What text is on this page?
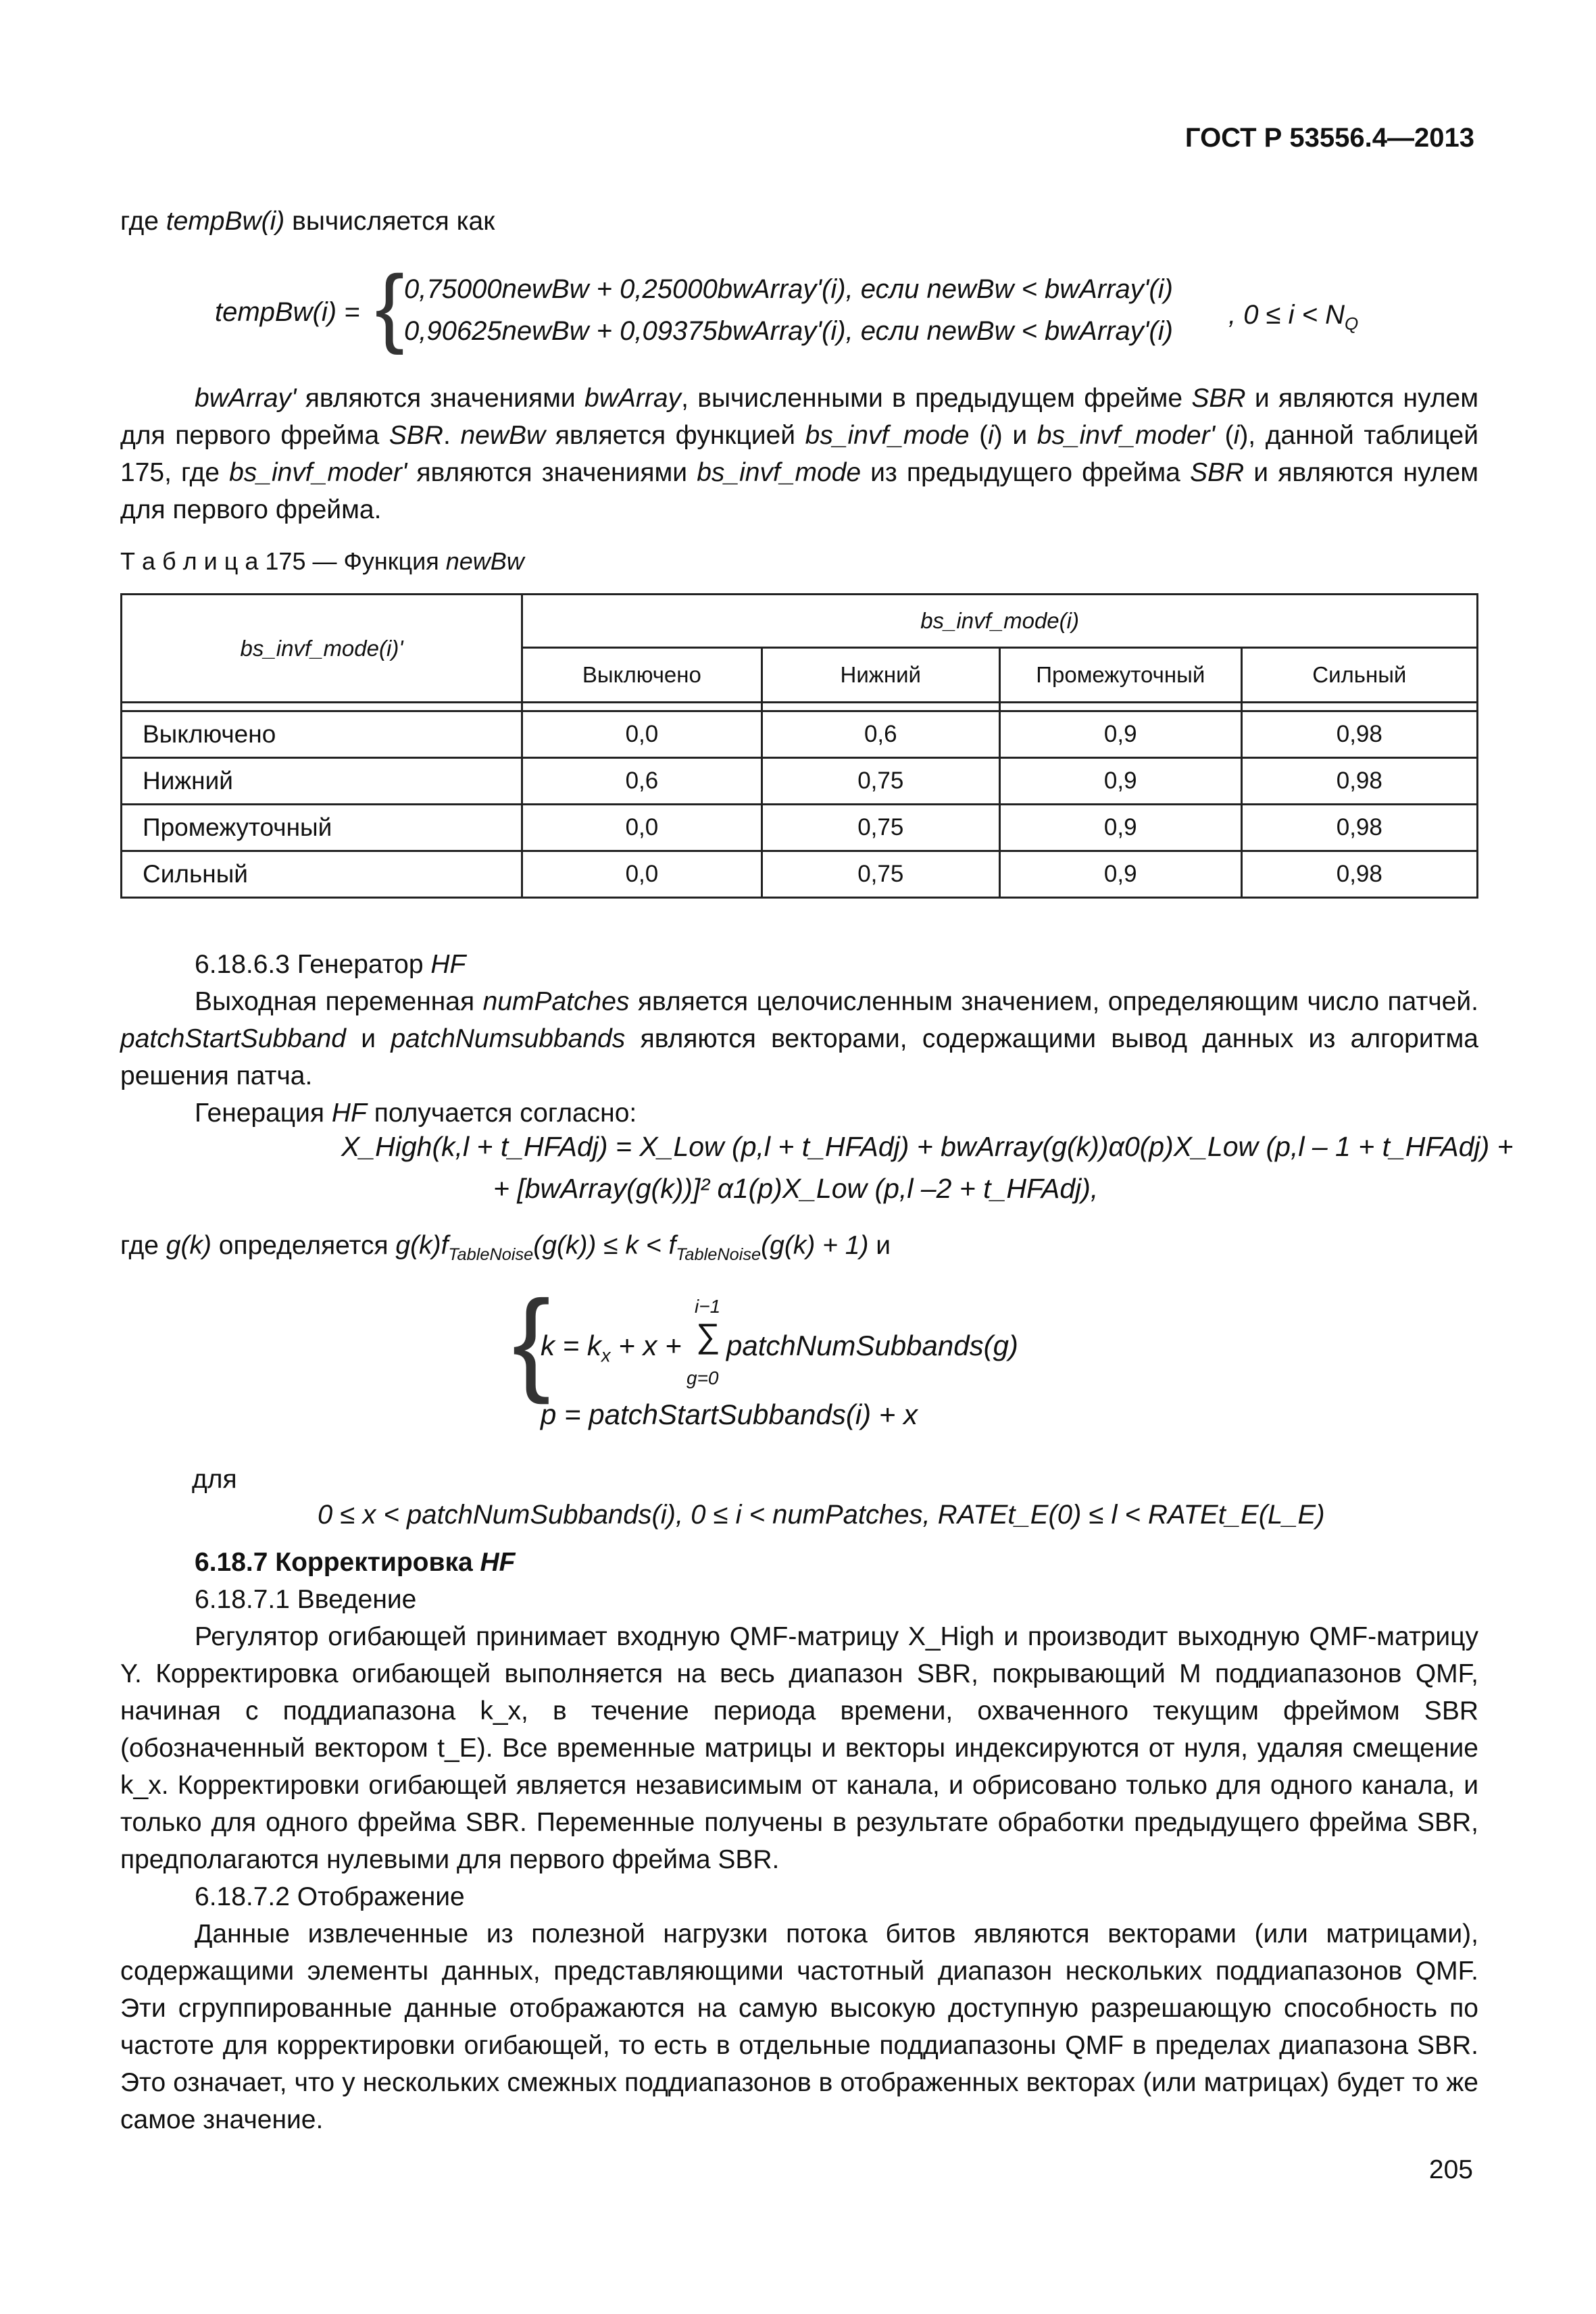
ГОСТ Р 53556.4—2013
где tempBw(i) вычисляется как
tempBw(i) = { 0,75000newBw + 0,25000bwArray'(i), если newBw < bwArray'(i)
0,90625newBw + 0,09375bwArray'(i), если newBw < bwArray'(i)
, $0 \le i < N_Q$
bwArray' являются значениями bwArray, вычисленными в предыдущем фрейме SBR и являются нулем для первого фрейма SBR. newBw является функцией bs_invf_mode (i) и bs_invf_moder' (i), данной таблицей 175, где bs_invf_moder' являются значениями bs_invf_mode из предыдущего фрейма SBR и являются нулем для первого фрейма.
Т а б л и ц а 175 — Функция newBw
bs_invf_mode(i)'	bs_invf_mode(i)			
	Выключено	Нижний	Промежуточный	Сильный

Выключено	0,0	0,6	0,9	0,98
Нижний	0,6	0,75	0,9	0,98
Промежуточный	0,0	0,75	0,9	0,98
Сильный	0,0	0,75	0,9	0,98
6.18.6.3 Генератор HF
Выходная переменная numPatches является целочисленным значением, определяющим число патчей. patchStartSubband и patchNumsubbands являются векторами, содержащими вывод данных из алгоритма решения патча.
Генерация HF получается согласно:
X_High(k,l + t_HFAdj) = X_Low (p,l + t_HFAdj) + bwArray(g(k))α0(p)X_Low (p,l – 1 + t_HFAdj) +
+ [bwArray(g(k))]² α1(p)X_Low (p,l –2 + t_HFAdj),
где g(k) определяется $g(k)f_{TableNoise}(g(k)) \le k < f_{TableNoise}(g(k) + 1)$ и
{	i−1
∑
g=0
$k = k_x + x$ + patchNumSubbands(g)
p = patchStartSubbands(i) + x
для
0 ≤ x < patchNumSubbands(i), 0 ≤ i < numPatches, RATEt_E(0) ≤ l < RATEt_E(L_E)
6.18.7 Корректировка HF
6.18.7.1 Введение
Регулятор огибающей принимает входную QMF-матрицу X_High и производит выходную QMF-матрицу Y. Корректировка огибающей выполняется на весь диапазон SBR, покрывающий M поддиапазонов QMF, начиная с поддиапазона k_x, в течение периода времени, охваченного текущим фреймом SBR (обозначенный вектором t_E). Все временные матрицы и векторы индексируются от нуля, удаляя смещение k_x. Корректировки огибающей является независимым от канала, и обрисовано только для одного канала, и только для одного фрейма SBR. Переменные получены в результате обработки предыдущего фрейма SBR, предполагаются нулевыми для первого фрейма SBR.
6.18.7.2 Отображение
Данные извлеченные из полезной нагрузки потока битов являются векторами (или матрицами), содержащими элементы данных, представляющими частотный диапазон нескольких поддиапазонов QMF. Эти сгруппированные данные отображаются на самую высокую доступную разрешающую способность по частоте для корректировки огибающей, то есть в отдельные поддиапазоны QMF в пределах диапазона SBR. Это означает, что у нескольких смежных поддиапазонов в отображенных векторах (или матрицах) будет то же самое значение.
205
